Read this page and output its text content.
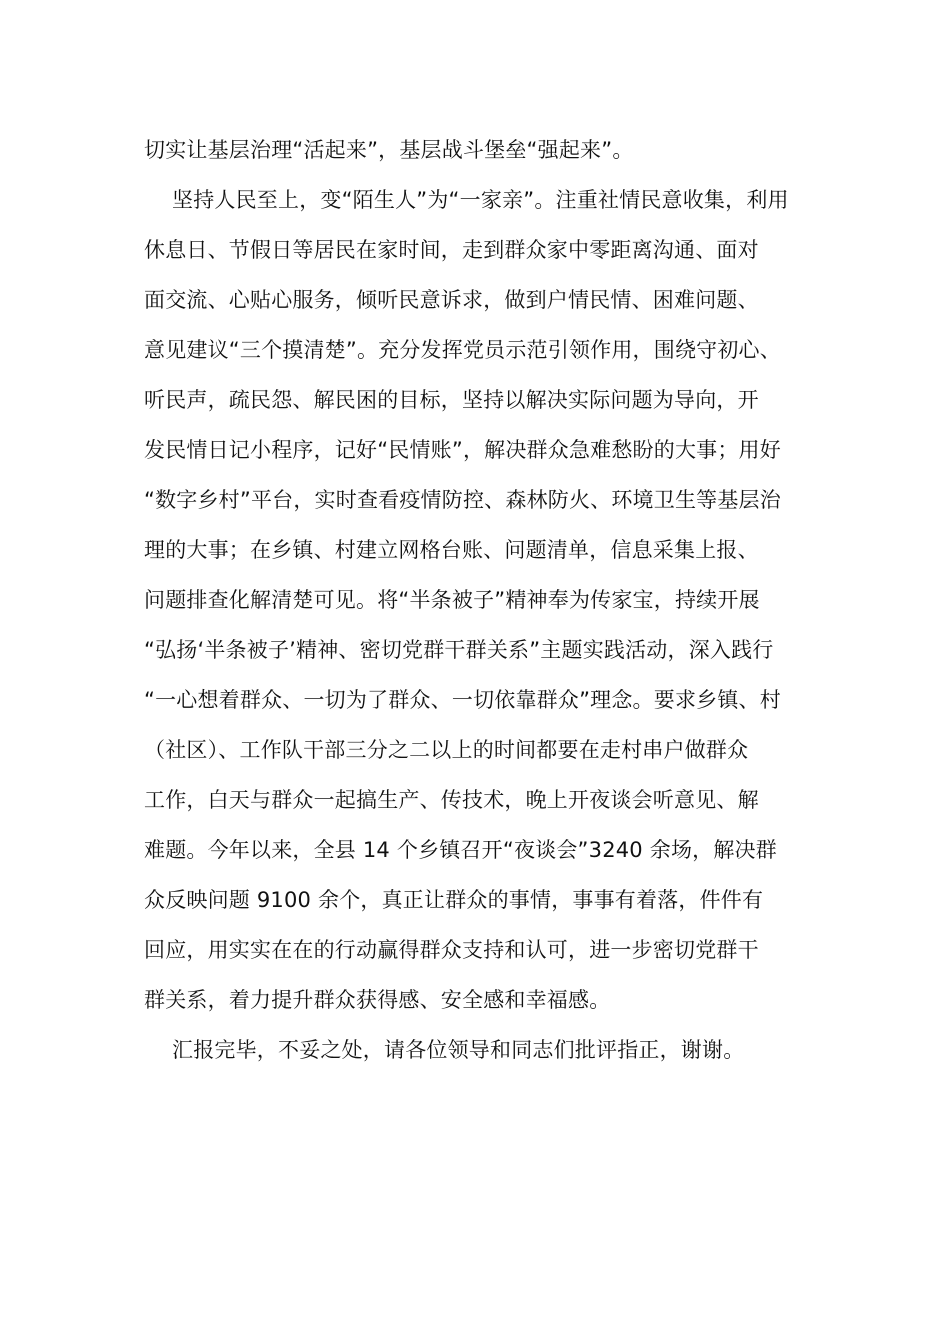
切实让基层治理“活起来”，基层战斗堡垒“强起来”。
坚持人民至上，变“陌生人”为“一家亲”。注重社情民意收集，利用
休息日、节假日等居民在家时间，走到群众家中零距离沟通、面对
面交流、心贴心服务，倾听民意诉求，做到户情民情、困难问题、
意见建议“三个摸清楚”。充分发挥党员示范引领作用，围绕守初心、
听民声，疏民怨、解民困的目标，坚持以解决实际问题为导向，开
发民情日记小程序，记好“民情账”，解决群众急难愁盼的大事；用好
“数字乡村”平台，实时查看疫情防控、森林防火、环境卫生等基层治
理的大事；在乡镇、村建立网格台账、问题清单，信息采集上报、
问题排查化解清楚可见。将“半条被子”精神奉为传家宝，持续开展
“弘扬‘半条被子’精神、密切党群干群关系”主题实践活动，深入践行
“一心想着群众、一切为了群众、一切依靠群众”理念。要求乡镇、村
（社区）、工作队干部三分之二以上的时间都要在走村串户做群众
工作，白天与群众一起搞生产、传技术，晚上开夜谈会听意见、解
难题。今年以来，全县 14 个乡镇召开“夜谈会”3240 余场，解决群
众反映问题 9100 余个，真正让群众的事情，事事有着落，件件有
回应，用实实在在的行动赢得群众支持和认可，进一步密切党群干
群关系，着力提升群众获得感、安全感和幸福感。
汇报完毕，不妥之处，请各位领导和同志们批评指正，谢谢。
